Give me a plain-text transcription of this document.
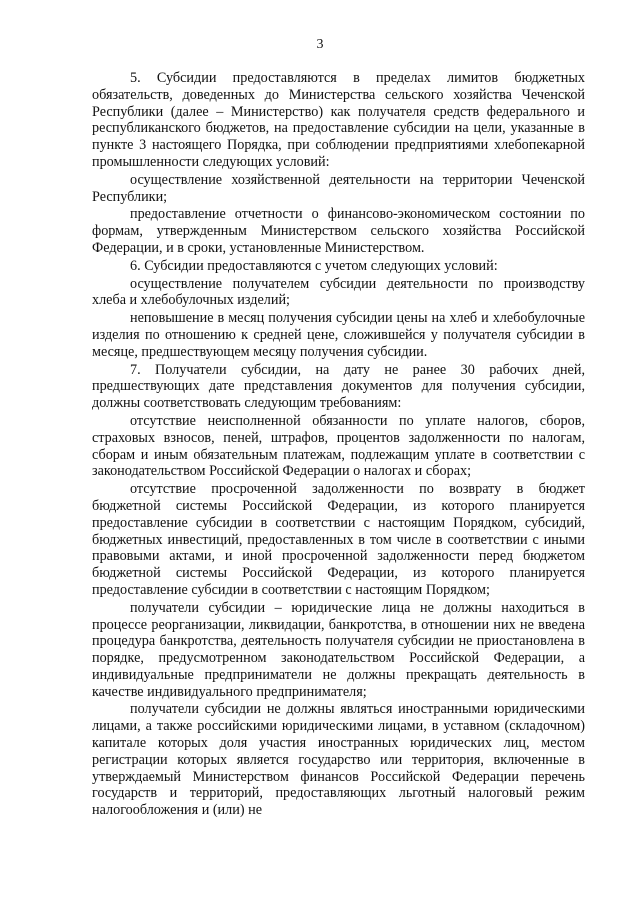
3

5. Субсидии предоставляются в пределах лимитов бюджетных обязательств, доведенных до Министерства сельского хозяйства Чеченской Республики (далее – Министерство) как получателя средств федерального и республиканского бюджетов, на предоставление субсидии на цели, указанные в пункте 3 настоящего Порядка, при соблюдении предприятиями хлебопекарной промышленности следующих условий:

осуществление хозяйственной деятельности на территории Чеченской Республики;

предоставление отчетности о финансово-экономическом состоянии по формам, утвержденным Министерством сельского хозяйства Российской Федерации, и в сроки, установленные Министерством.

6. Субсидии предоставляются с учетом следующих условий:

осуществление получателем субсидии деятельности по производству хлеба и хлебобулочных изделий;

неповышение в месяц получения субсидии цены на хлеб и хлебобулочные изделия по отношению к средней цене, сложившейся у получателя субсидии в месяце, предшествующем месяцу получения субсидии.

7. Получатели субсидии, на дату не ранее 30 рабочих дней, предшествующих дате представления документов для получения субсидии, должны соответствовать следующим требованиям:

отсутствие неисполненной обязанности по уплате налогов, сборов, страховых взносов, пеней, штрафов, процентов задолженности по налогам, сборам и иным обязательным платежам, подлежащим уплате в соответствии с законодательством Российской Федерации о налогах и сборах;

отсутствие просроченной задолженности по возврату в бюджет бюджетной системы Российской Федерации, из которого планируется предоставление субсидии в соответствии с настоящим Порядком, субсидий, бюджетных инвестиций, предоставленных в том числе в соответствии с иными правовыми актами, и иной просроченной задолженности перед бюджетом бюджетной системы Российской Федерации, из которого планируется предоставление субсидии в соответствии с настоящим Порядком;

получатели субсидии – юридические лица не должны находиться в процессе реорганизации, ликвидации, банкротства, в отношении них не введена процедура банкротства, деятельность получателя субсидии не приостановлена в порядке, предусмотренном законодательством Российской Федерации, а индивидуальные предприниматели не должны прекращать деятельность в качестве индивидуального предпринимателя;

получатели субсидии не должны являться иностранными юридическими лицами, а также российскими юридическими лицами, в уставном (складочном) капитале которых доля участия иностранных юридических лиц, местом регистрации которых является государство или территория, включенные в утверждаемый Министерством финансов Российской Федерации перечень государств и территорий, предоставляющих льготный налоговый режим налогообложения и (или) не
